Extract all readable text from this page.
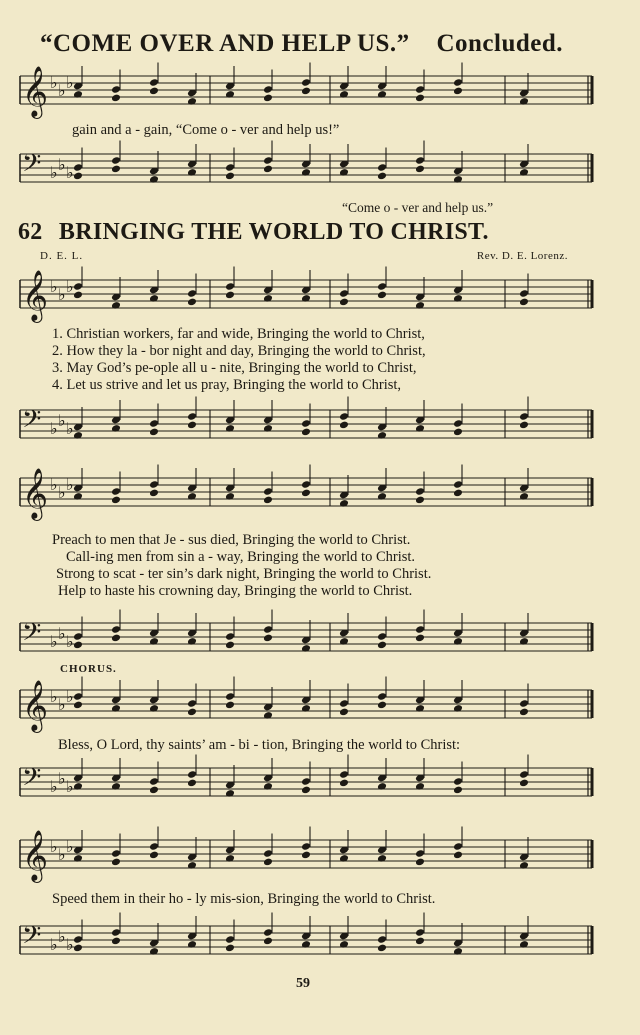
“COME OVER AND HELP US.” Concluded.
𝄞 ♭ ♭ ♭
gain and a - gain, “Come o - ver and help us!”
𝄢 ♭ ♭ ♭
“Come o - ver and help us.”
62 BRINGING THE WORLD TO CHRIST.
D. E. L.	Rev. D. E. Lorenz.
𝄞 ♭ ♭ ♭
1. Christian workers, far and wide, Bringing the world to Christ,
2. How they la - bor night and day, Bringing the world to Christ,
3. May God’s pe-ople all u - nite, Bringing the world to Christ,
4. Let us strive and let us pray, Bringing the world to Christ,
𝄢 ♭ ♭ ♭
𝄞 ♭ ♭ ♭
Preach to men that Je - sus died, Bringing the world to Christ.
Call-ing men from sin a - way, Bringing the world to Christ.
Strong to scat - ter sin’s dark night, Bringing the world to Christ.
Help to haste his crowning day, Bringing the world to Christ.
𝄢 ♭ ♭ ♭
CHORUS.
𝄞 ♭ ♭ ♭
Bless, O Lord, thy saints’ am - bi - tion, Bringing the world to Christ:
𝄢 ♭ ♭ ♭
𝄞 ♭ ♭ ♭
Speed them in their ho - ly mis-sion, Bringing the world to Christ.
𝄢 ♭ ♭ ♭
59
